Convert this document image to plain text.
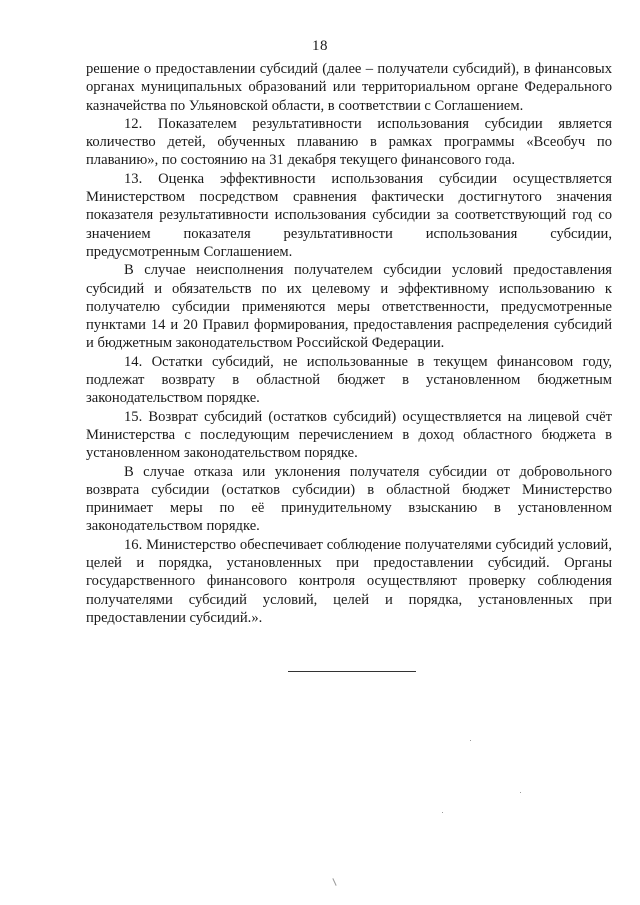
18

решение о предоставлении субсидий (далее – получатели субсидий), в финансовых органах муниципальных образований или территориальном органе Федерального казначейства по Ульяновской области, в соответствии с Соглашением.

12. Показателем результативности использования субсидии является количество детей, обученных плаванию в рамках программы «Всеобуч по плаванию», по состоянию на 31 декабря текущего финансового года.

13. Оценка эффективности использования субсидии осуществляется Министерством посредством сравнения фактически достигнутого значения показателя результативности использования субсидии за соответствующий год со значением показателя результативности использования субсидии, предусмотренным Соглашением.

В случае неисполнения получателем субсидии условий предоставления субсидий и обязательств по их целевому и эффективному использованию к получателю субсидии применяются меры ответственности, предусмотренные пунктами 14 и 20 Правил формирования, предоставления распределения субсидий и бюджетным законодательством Российской Федерации.

14. Остатки субсидий, не использованные в текущем финансовом году, подлежат возврату в областной бюджет в установленном бюджетным законодательством порядке.

15. Возврат субсидий (остатков субсидий) осуществляется на лицевой счёт Министерства с последующим перечислением в доход областного бюджета в установленном законодательством порядке.

В случае отказа или уклонения получателя субсидии от добровольного возврата субсидии (остатков субсидии) в областной бюджет Министерство принимает меры по её принудительному взысканию в установленном законодательством порядке.

16. Министерство обеспечивает соблюдение получателями субсидий условий, целей и порядка, установленных при предоставлении субсидий. Органы государственного финансового контроля осуществляют проверку соблюдения получателями субсидий условий, целей и порядка, установленных при предоставлении субсидий.».
